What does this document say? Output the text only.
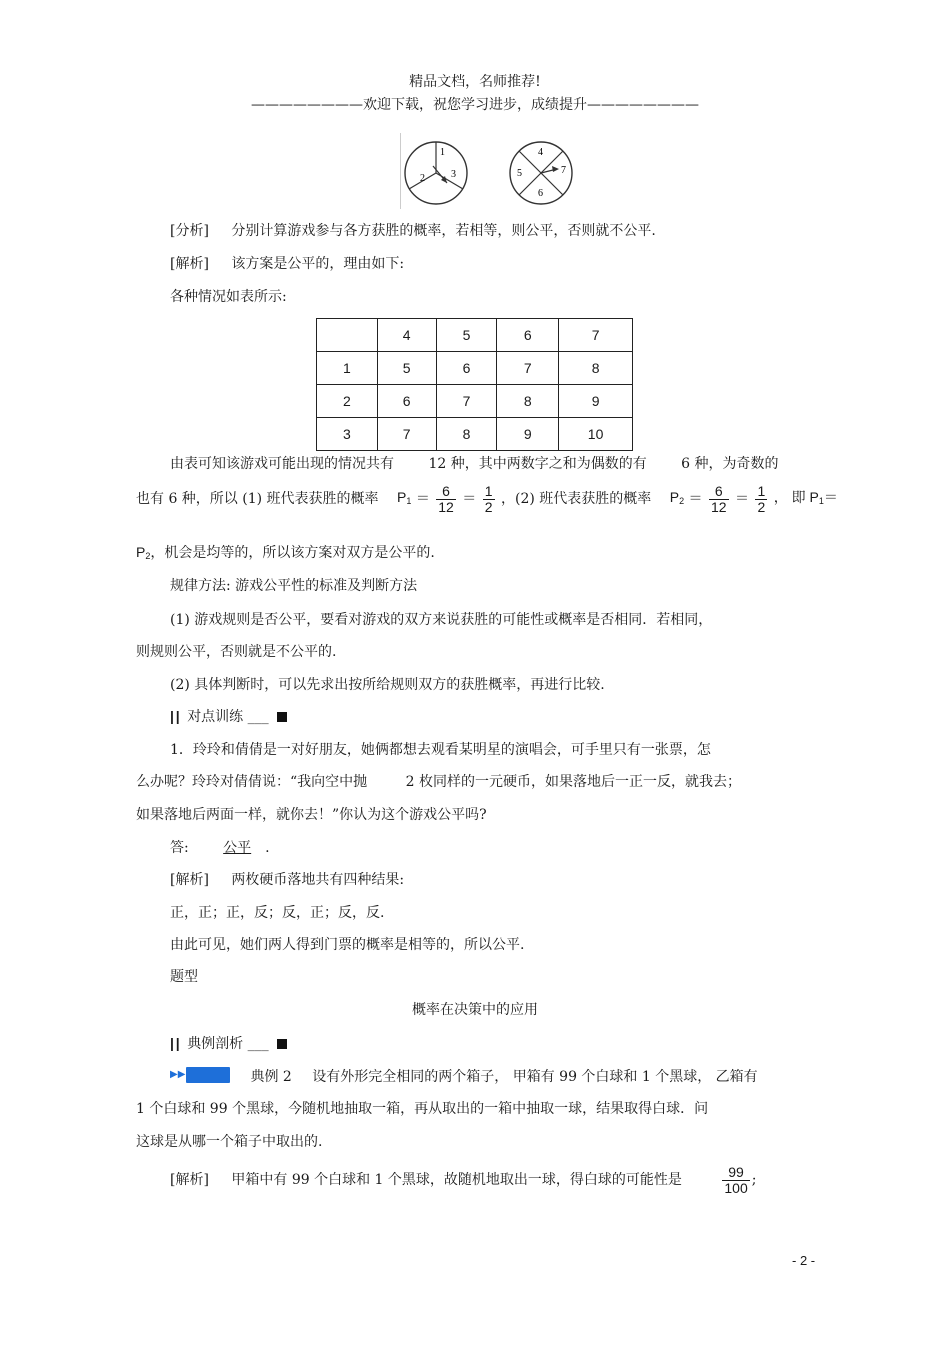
精品文档，名师推荐!
————————欢迎下载，祝您学习进步，成绩提升————————
1
2	3
4
5
6
7
[分析] 分别计算游戏参与各方获胜的概率，若相等，则公平，否则就不公平.
[解析] 该方案是公平的，理由如下:
各种情况如表所示:
	4	5	6	7
1	5	6	7	8
2	6	7	8	9
3	7	8	9	10
由表可知该游戏可能出现的情况共有 12 种，其中两数字之和为偶数的有 6 种，为奇数的
也有 6 种，所以 (1) 班代表获胜的概率 $P_1 = \frac{6}{12} = \frac{1}{2}$ ，(2) 班代表获胜的概率 $P_2 = \frac{6}{12} = \frac{1}{2}$ ， 即 $P_1=$
$P_2$，机会是均等的，所以该方案对双方是公平的.
规律方法: 游戏公平性的标准及判断方法
(1) 游戏规则是否公平，要看对游戏的双方来说获胜的可能性或概率是否相同．若相同，
则规则公平，否则就是不公平的.
(2) 具体判断时，可以先求出按所给规则双方的获胜概率，再进行比较.
| | 对点训练 ___
1．玲玲和倩倩是一对好朋友，她俩都想去观看某明星的演唱会，可手里只有一张票，怎
么办呢？玲玲对倩倩说：“我向空中抛	2 枚同样的一元硬币，如果落地后一正一反，就我去；
如果落地后两面一样，就你去！”你认为这个游戏公平吗?
答: 公平 .
[解析] 两枚硬币落地共有四种结果:
正，正；正，反；反，正；反，反.
由此可见，她们两人得到门票的概率是相等的，所以公平.
题型
概率在决策中的应用
| | 典例剖析 ___
▶▶	典例 2 设有外形完全相同的两个箱子， 甲箱有 99 个白球和 1 个黑球， 乙箱有
1 个白球和 99 个黑球，今随机地抽取一箱，再从取出的一箱中抽取一球，结果取得白球．问
这球是从哪一个箱子中取出的.
[解析] 甲箱中有 99 个白球和 1 个黑球，故随机地取出一球，得白球的可能性是	$\frac{99}{100}$ ;
- 2 -
